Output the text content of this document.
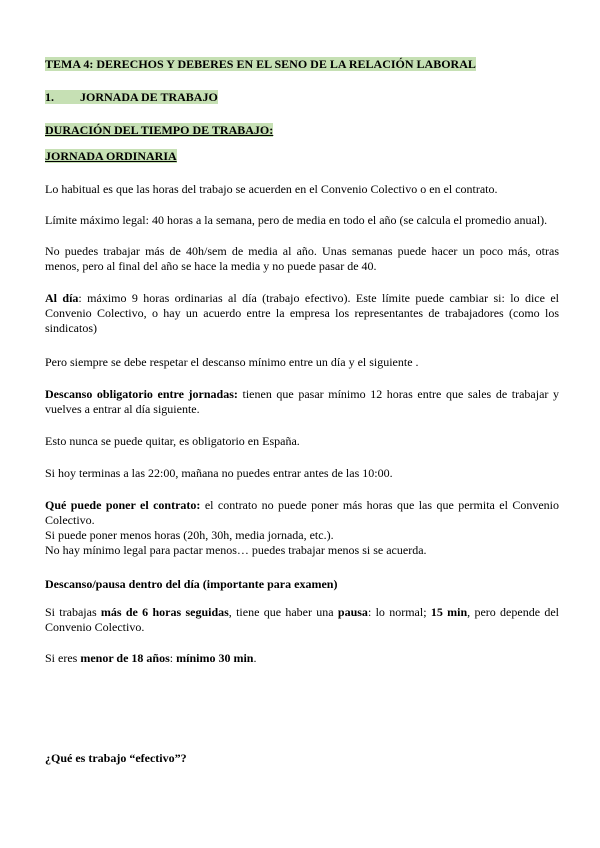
TEMA 4: DERECHOS Y DEBERES EN EL SENO DE LA RELACIÓN LABORAL
1. JORNADA DE TRABAJO
DURACIÓN DEL TIEMPO DE TRABAJO:
JORNADA ORDINARIA

Lo habitual es que las horas del trabajo se acuerden en el Convenio Colectivo o en el contrato.

Límite máximo legal: 40 horas a la semana, pero de media en todo el año (se calcula el promedio anual).

No puedes trabajar más de 40h/sem de media al año. Unas semanas puede hacer un poco más, otras menos, pero al final del año se hace la media y no puede pasar de 40.

Al día: máximo 9 horas ordinarias al día (trabajo efectivo). Este límite puede cambiar si: lo dice el Convenio Colectivo, o hay un acuerdo entre la empresa los representantes de trabajadores (como los sindicatos)

Pero siempre se debe respetar el descanso mínimo entre un día y el siguiente .

Descanso obligatorio entre jornadas: tienen que pasar mínimo 12 horas entre que sales de trabajar y vuelves a entrar al día siguiente.

Esto nunca se puede quitar, es obligatorio en España.

Si hoy terminas a las 22:00, mañana no puedes entrar antes de las 10:00.

Qué puede poner el contrato: el contrato no puede poner más horas que las que permita el Convenio Colectivo.
Si puede poner menos horas (20h, 30h, media jornada, etc.).
No hay mínimo legal para pactar menos… puedes trabajar menos si se acuerda.

Descanso/pausa dentro del día (importante para examen)

Si trabajas más de 6 horas seguidas, tiene que haber una pausa: lo normal; 15 min, pero depende del Convenio Colectivo.

Si eres menor de 18 años: mínimo 30 min.

¿Qué es trabajo “efectivo”?
